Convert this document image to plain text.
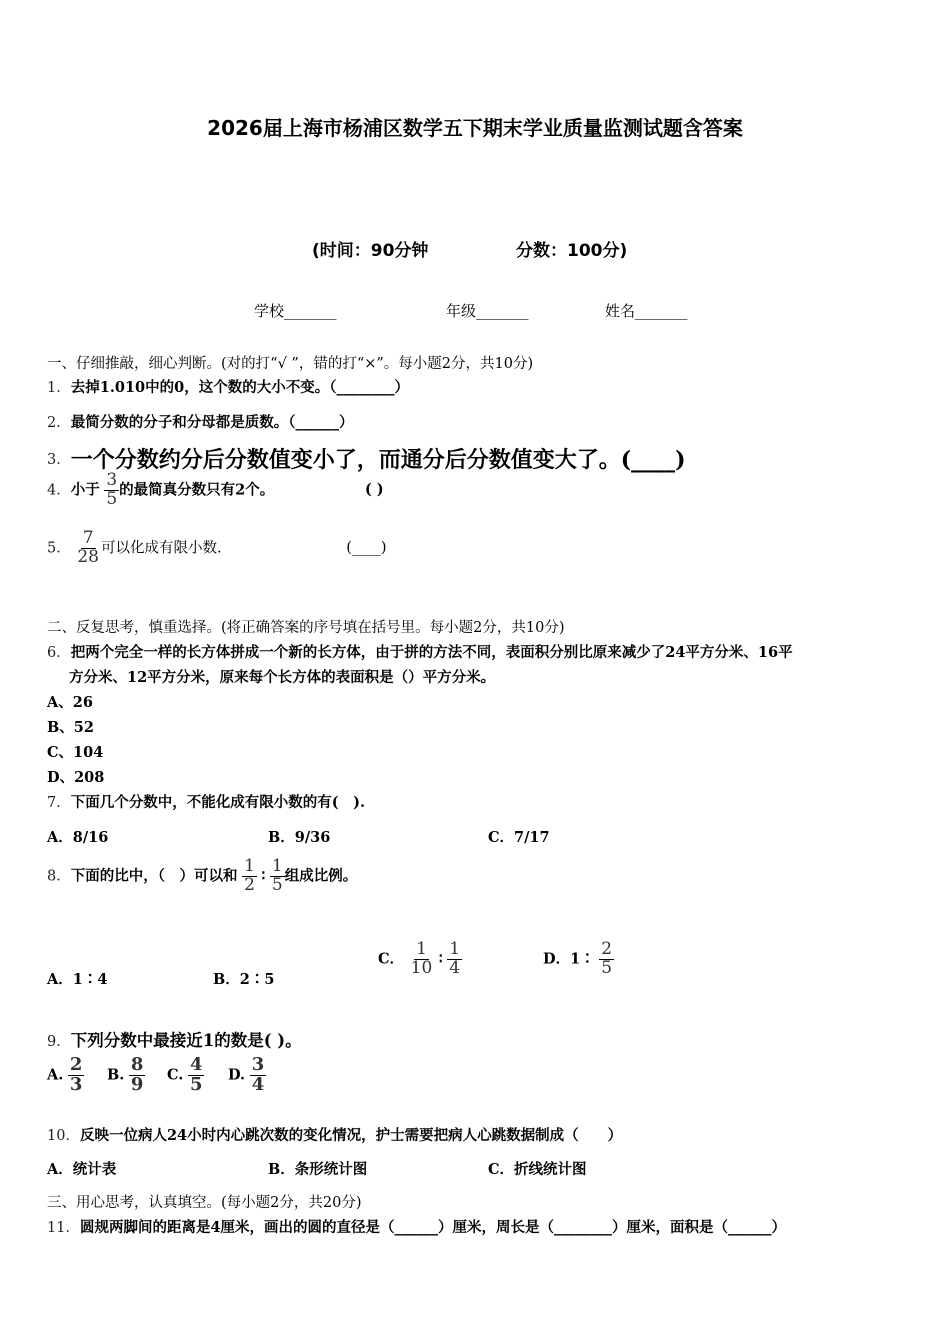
2026届上海市杨浦区数学五下期末学业质量监测试题含答案
(时间：90分钟	分数：100分)
学校_______	年级_______	姓名_______
一、仔细推敲，细心判断。(对的打“√ ”，错的打“×”。每小题2分，共10分)
1．去掉1.010中的0，这个数的大小不变。（________）
2．最简分数的分子和分母都是质数。（______）
3．一个分数约分后分数值变小了，而通分后分数值变大了。(____)
4．小于 $\frac{3}{5}$ 的最简真分数只有2个。	( )
5． $\frac{7}{28}$ 可以化成有限小数.	(____)
二、反复思考，慎重选择。(将正确答案的序号填在括号里。每小题2分，共10分)
6．把两个完全一样的长方体拼成一个新的长方体，由于拼的方法不同，表面积分别比原来减少了24平方分米、16平
方分米、12平方分米，原来每个长方体的表面积是（）平方分米。
A、26
B、52
C、104
D、208
7．下面几个分数中，不能化成有限小数的有(　).
A．8/16	B．9/36	C．7/17
8．下面的比中，（　）可以和 $\frac{1}{2}$ ∶ $\frac{1}{5}$ 组成比例。
A．1∶4	B．2∶5
C． $\frac{1}{10}$ ∶ $\frac{1}{4}$	D．1∶ $\frac{2}{5}$
9．下列分数中最接近1的数是( )。
A. $\frac{2}{3} B$. $\frac{8}{9} C$. $\frac{4}{5} D$. $\frac{3}{4}$
10．反映一位病人24小时内心跳次数的变化情况，护士需要把病人心跳数据制成（　　）
A．统计表	B．条形统计图	C．折线统计图
三、用心思考，认真填空。(每小题2分，共20分)
11．圆规两脚间的距离是4厘米，画出的圆的直径是（______）厘米，周长是（________）厘米，面积是（______）
